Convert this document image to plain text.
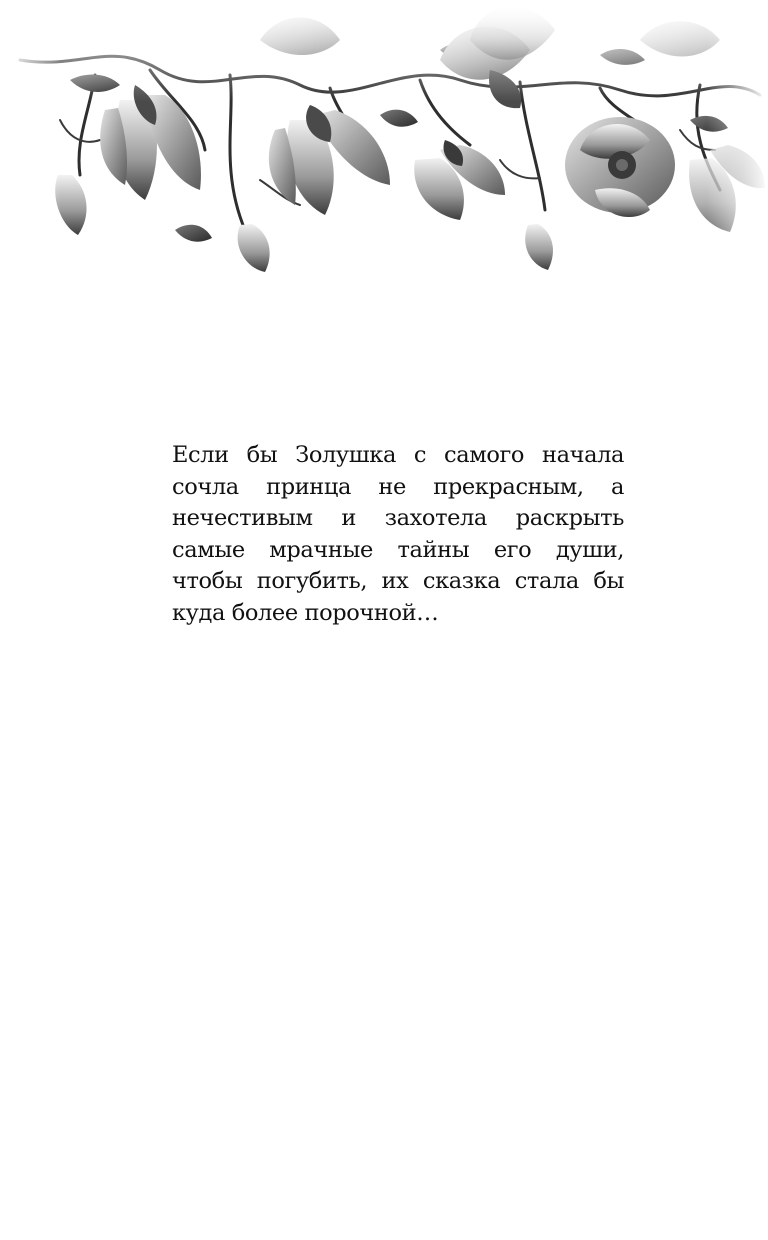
Если бы Золушка с самого начала сочла принца не прекрасным, а нечестивым и захотела раскрыть самые мрачные тайны его души, чтобы погубить, их сказка стала бы куда более порочной…
